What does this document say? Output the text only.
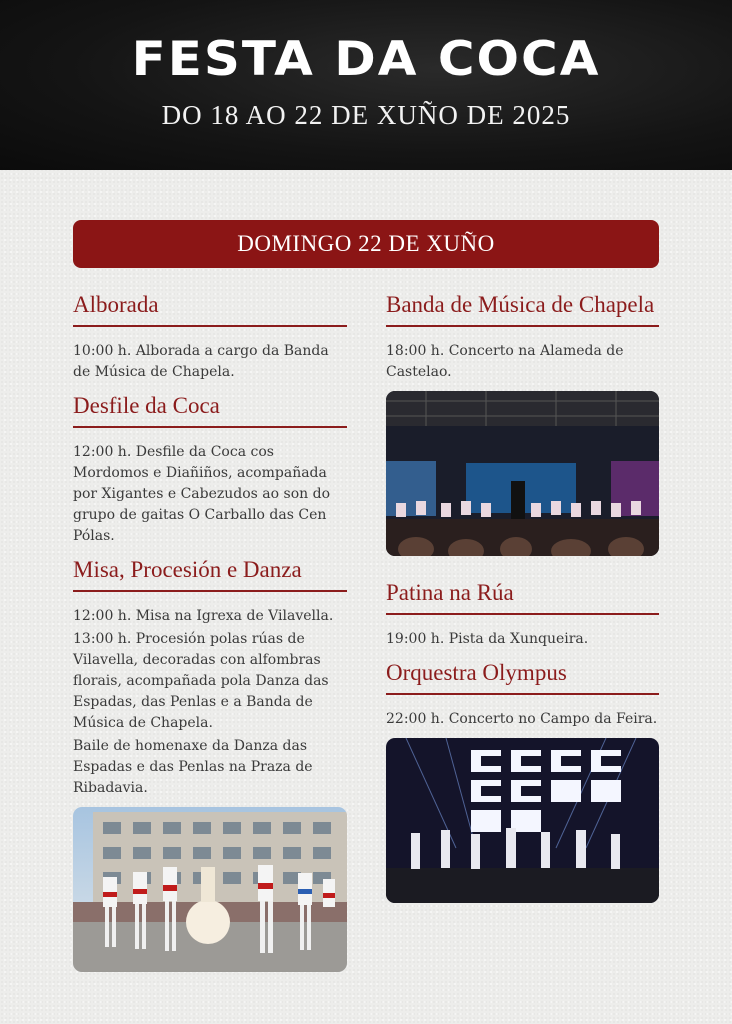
FESTA DA COCA
DO 18 AO 22 DE XUÑO DE 2025
DOMINGO 22 DE XUÑO
Alborada
10:00 h. Alborada a cargo da Banda de Música de Chapela.
Desfile da Coca
12:00 h. Desfile da Coca cos Mordomos e Diañiños, acompañada por Xigantes e Cabezudos ao son do grupo de gaitas O Carballo das Cen Pólas.
Misa, Procesión e Danza

12:00 h. Misa na Igrexa de Vilavella.

13:00 h. Procesión polas rúas de Vilavella, decoradas con alfombras florais, acompañada pola Danza das Espadas, das Penlas e a Banda de Música de Chapela.

Baile de homenaxe da Danza das Espadas e das Penlas na Praza de Ribadavia.

Banda de Música de Chapela
18:00 h. Concerto na Alameda de Castelao.
Patina na Rúa
19:00 h. Pista da Xunqueira.
Orquestra Olympus
22:00 h. Concerto no Campo da Feira.
